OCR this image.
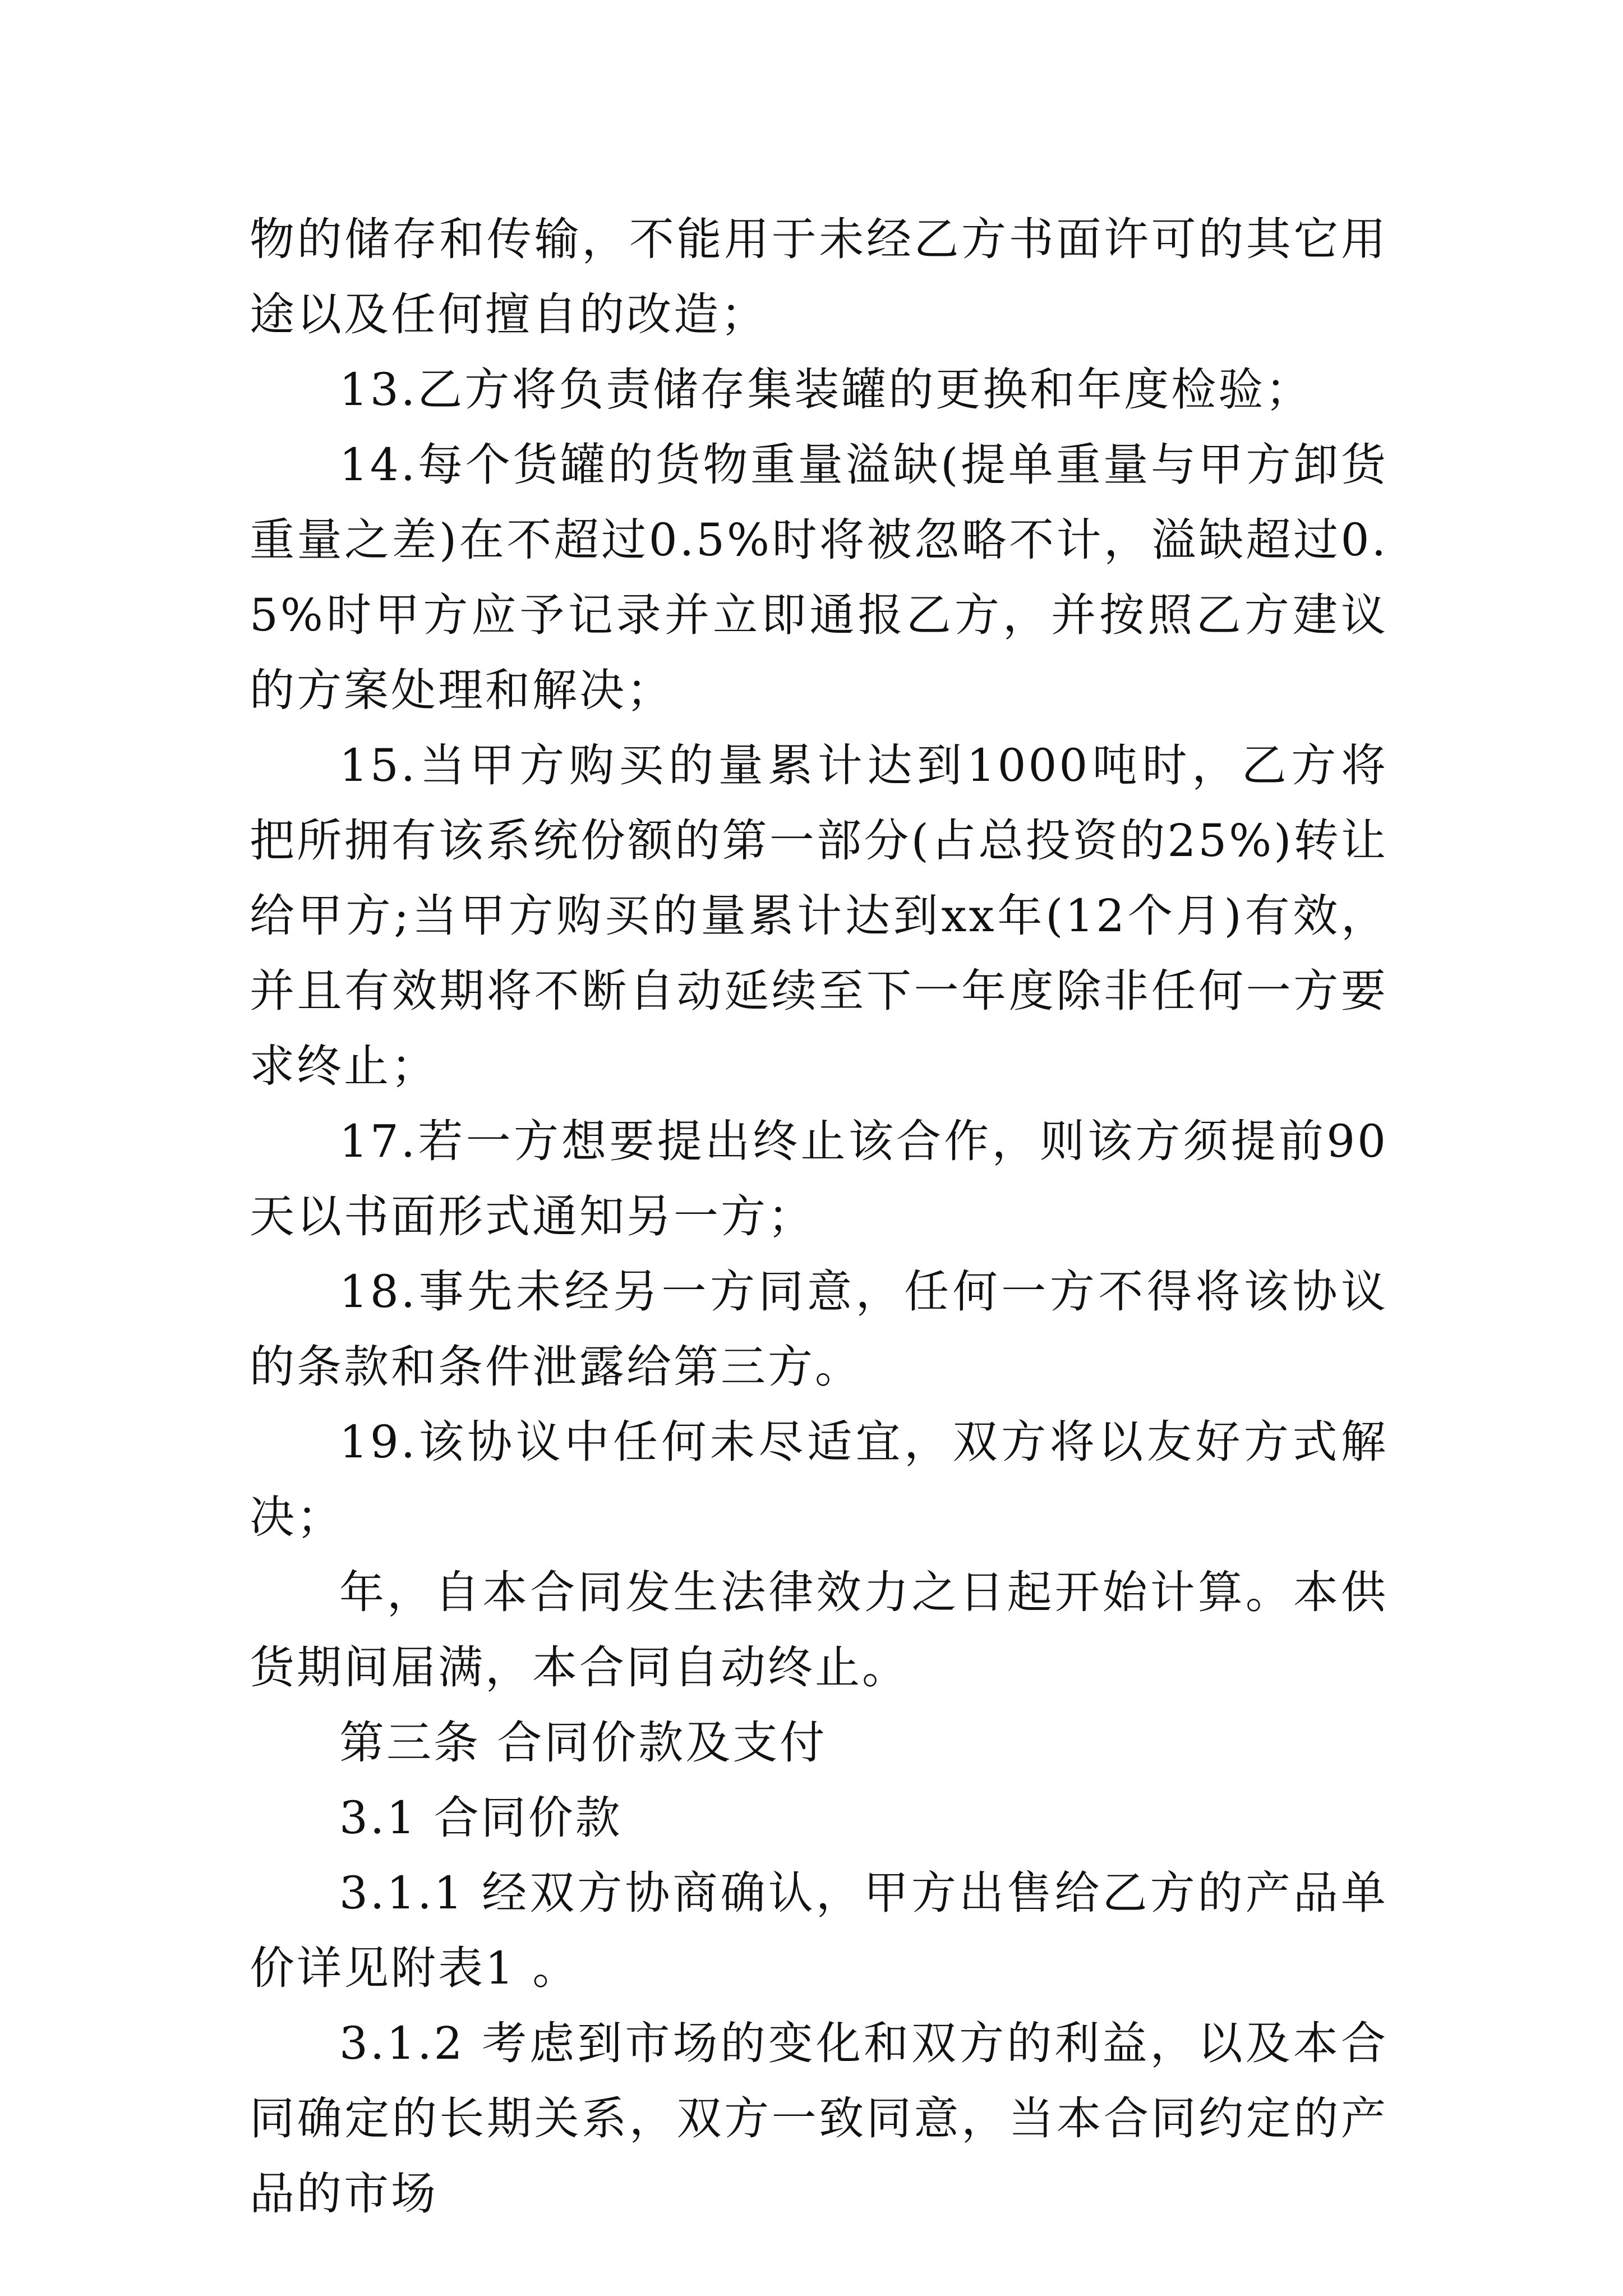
物的储存和传输，不能用于未经乙方书面许可的其它用途以及任何擅自的改造；

13.乙方将负责储存集装罐的更换和年度检验；

14.每个货罐的货物重量溢缺(提单重量与甲方卸货重量之差)在不超过0.5%时将被忽略不计，溢缺超过0.5%时甲方应予记录并立即通报乙方，并按照乙方建议的方案处理和解决；

15.当甲方购买的量累计达到1000吨时，乙方将把所拥有该系统份额的第一部分(占总投资的25%)转让给甲方;当甲方购买的量累计达到xx年(12个月)有效，并且有效期将不断自动延续至下一年度除非任何一方要求终止；

17.若一方想要提出终止该合作，则该方须提前90天以书面形式通知另一方；

18.事先未经另一方同意，任何一方不得将该协议的条款和条件泄露给第三方。

19.该协议中任何未尽适宜，双方将以友好方式解决；

年，自本合同发生法律效力之日起开始计算。本供货期间届满，本合同自动终止。

第三条 合同价款及支付

3.1 合同价款

3.1.1 经双方协商确认，甲方出售给乙方的产品单价详见附表1 。

3.1.2 考虑到市场的变化和双方的利益，以及本合同确定的长期关系，双方一致同意，当本合同约定的产品的市场
